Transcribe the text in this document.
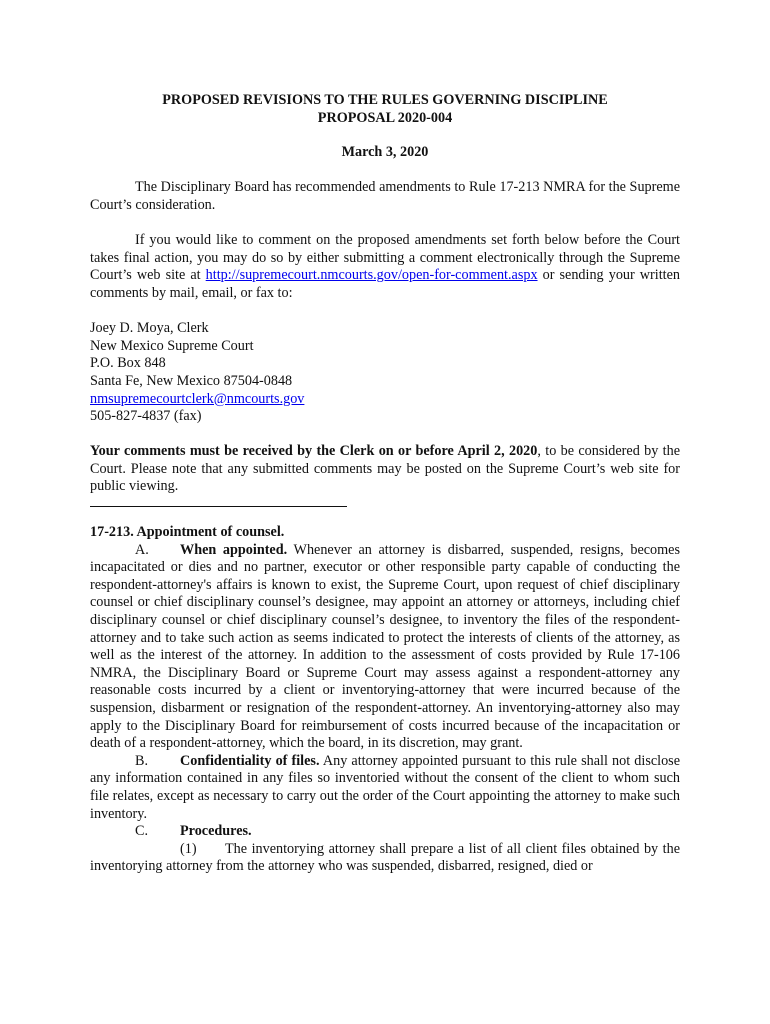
PROPOSED REVISIONS TO THE RULES GOVERNING DISCIPLINE
PROPOSAL 2020-004
March 3, 2020

The Disciplinary Board has recommended amendments to Rule 17-213 NMRA for the Supreme Court’s consideration.

If you would like to comment on the proposed amendments set forth below before the Court takes final action, you may do so by either submitting a comment electronically through the Supreme Court’s web site at http://supremecourt.nmcourts.gov/open-for-comment.aspx or sending your written comments by mail, email, or fax to:

Joey D. Moya, Clerk
New Mexico Supreme Court
P.O. Box 848
Santa Fe, New Mexico 87504-0848
nmsupremecourtclerk@nmcourts.gov
505-827-4837 (fax)

Your comments must be received by the Clerk on or before April 2, 2020, to be considered by the Court. Please note that any submitted comments may be posted on the Supreme Court’s web site for public viewing.

17-213. Appointment of counsel.

A. When appointed. Whenever an attorney is disbarred, suspended, resigns, becomes incapacitated or dies and no partner, executor or other responsible party capable of conducting the respondent-attorney's affairs is known to exist, the Supreme Court, upon request of chief disciplinary counsel or chief disciplinary counsel’s designee, may appoint an attorney or attorneys, including chief disciplinary counsel or chief disciplinary counsel’s designee, to inventory the files of the respondent-attorney and to take such action as seems indicated to protect the interests of clients of the attorney, as well as the interest of the attorney. In addition to the assessment of costs provided by Rule 17-106 NMRA, the Disciplinary Board or Supreme Court may assess against a respondent-attorney any reasonable costs incurred by a client or inventorying-attorney that were incurred because of the suspension, disbarment or resignation of the respondent-attorney. An inventorying-attorney also may apply to the Disciplinary Board for reimbursement of costs incurred because of the incapacitation or death of a respondent-attorney, which the board, in its discretion, may grant.

B. Confidentiality of files. Any attorney appointed pursuant to this rule shall not disclose any information contained in any files so inventoried without the consent of the client to whom such file relates, except as necessary to carry out the order of the Court appointing the attorney to make such inventory.

C. Procedures.

(1) The inventorying attorney shall prepare a list of all client files obtained by the inventorying attorney from the attorney who was suspended, disbarred, resigned, died or
